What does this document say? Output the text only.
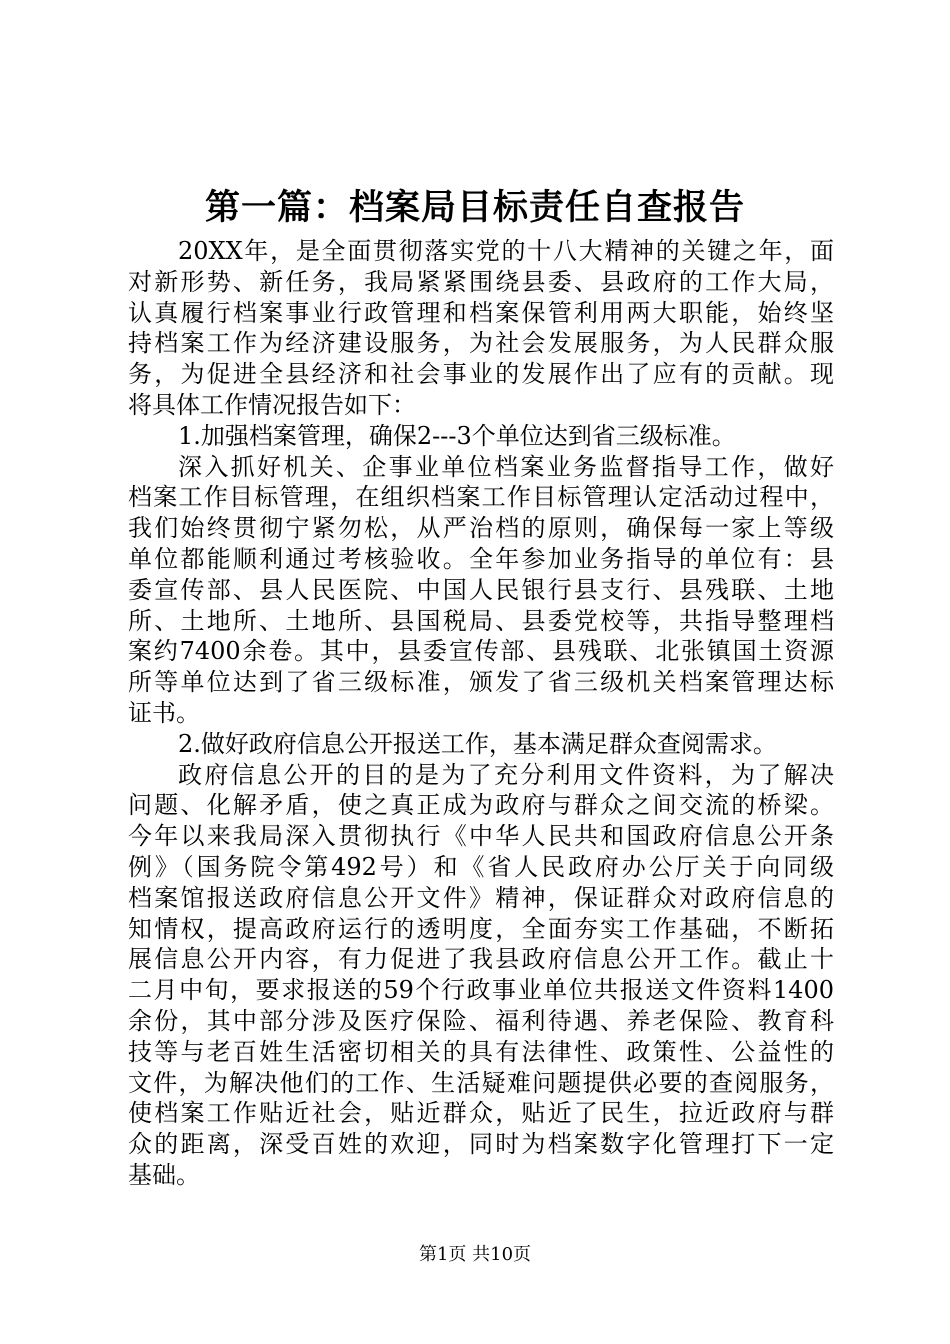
第一篇：档案局目标责任自查报告
20XX年，是全面贯彻落实党的十八大精神的关键之年，面
对新形势、新任务，我局紧紧围绕县委、县政府的工作大局，
认真履行档案事业行政管理和档案保管利用两大职能，始终坚
持档案工作为经济建设服务，为社会发展服务，为人民群众服
务，为促进全县经济和社会事业的发展作出了应有的贡献。现
将具体工作情况报告如下：
1.加强档案管理，确保2---3个单位达到省三级标准。
深入抓好机关、企事业单位档案业务监督指导工作，做好
档案工作目标管理，在组织档案工作目标管理认定活动过程中，
我们始终贯彻宁紧勿松，从严治档的原则，确保每一家上等级
单位都能顺利通过考核验收。全年参加业务指导的单位有：县
委宣传部、县人民医院、中国人民银行县支行、县残联、土地
所、土地所、土地所、县国税局、县委党校等，共指导整理档
案约7400余卷。其中，县委宣传部、县残联、北张镇国土资源
所等单位达到了省三级标准，颁发了省三级机关档案管理达标
证书。
2.做好政府信息公开报送工作，基本满足群众查阅需求。
政府信息公开的目的是为了充分利用文件资料，为了解决
问题、化解矛盾，使之真正成为政府与群众之间交流的桥梁。
今年以来我局深入贯彻执行《中华人民共和国政府信息公开条
例》（国务院令第492号）和《省人民政府办公厅关于向同级
档案馆报送政府信息公开文件》精神，保证群众对政府信息的
知情权，提高政府运行的透明度，全面夯实工作基础，不断拓
展信息公开内容，有力促进了我县政府信息公开工作。截止十
二月中旬，要求报送的59个行政事业单位共报送文件资料1400
余份，其中部分涉及医疗保险、福利待遇、养老保险、教育科
技等与老百姓生活密切相关的具有法律性、政策性、公益性的
文件，为解决他们的工作、生活疑难问题提供必要的查阅服务，
使档案工作贴近社会，贴近群众，贴近了民生，拉近政府与群
众的距离，深受百姓的欢迎，同时为档案数字化管理打下一定
基础。
第1页 共10页
